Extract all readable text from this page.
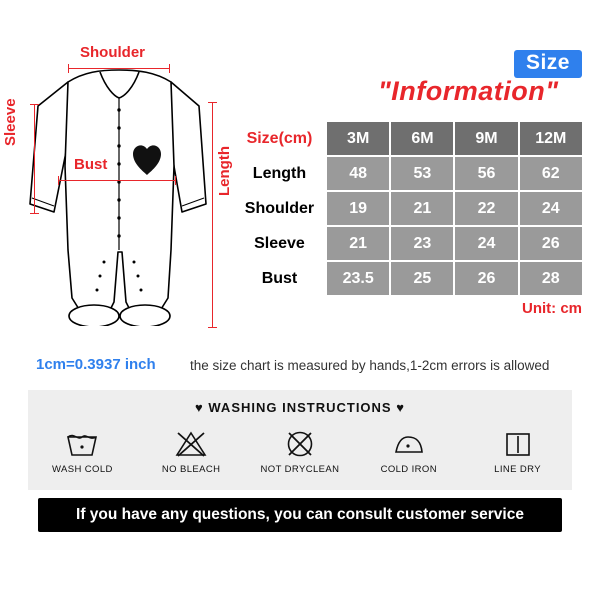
Shoulder
Bust
Sleeve
Length
Size
"Information"
Size(cm)	3M	6M	9M	12M
Length	48	53	56	62
Shoulder	19	21	22	24
Sleeve	21	23	24	26
Bust	23.5	25	26	28
Unit: cm
1cm=0.3937 inch	the size chart is measured by hands,1-2cm errors is allowed
♥ WASHING INSTRUCTIONS ♥
WASH COLD	NO BLEACH	NOT DRYCLEAN	COLD IRON	LINE DRY
If you have any questions, you can consult customer service
